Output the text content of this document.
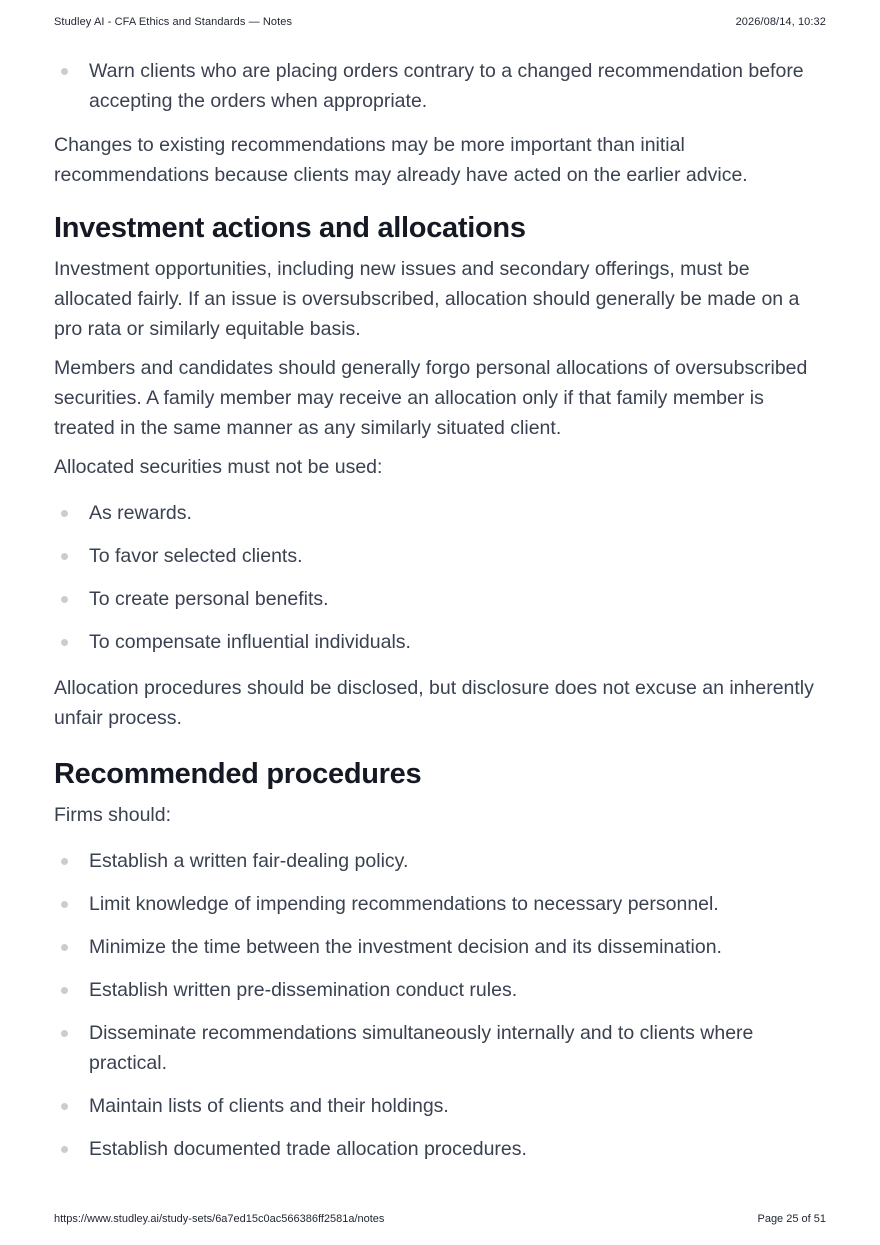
Studley AI - CFA Ethics and Standards — Notes	2026/08/14, 10:32
Warn clients who are placing orders contrary to a changed recommendation before accepting the orders when appropriate.

Changes to existing recommendations may be more important than initial recommendations because clients may already have acted on the earlier advice.

Investment actions and allocations

Investment opportunities, including new issues and secondary offerings, must be allocated fairly. If an issue is oversubscribed, allocation should generally be made on a pro rata or similarly equitable basis.

Members and candidates should generally forgo personal allocations of oversubscribed securities. A family member may receive an allocation only if that family member is treated in the same manner as any similarly situated client.

Allocated securities must not be used:

As rewards.
To favor selected clients.
To create personal benefits.
To compensate influential individuals.

Allocation procedures should be disclosed, but disclosure does not excuse an inherently unfair process.

Recommended procedures

Firms should:

Establish a written fair-dealing policy.
Limit knowledge of impending recommendations to necessary personnel.
Minimize the time between the investment decision and its dissemination.
Establish written pre-dissemination conduct rules.
Disseminate recommendations simultaneously internally and to clients where practical.
Maintain lists of clients and their holdings.
Establish documented trade allocation procedures.
https://www.studley.ai/study-sets/6a7ed15c0ac566386ff2581a/notes	Page 25 of 51
